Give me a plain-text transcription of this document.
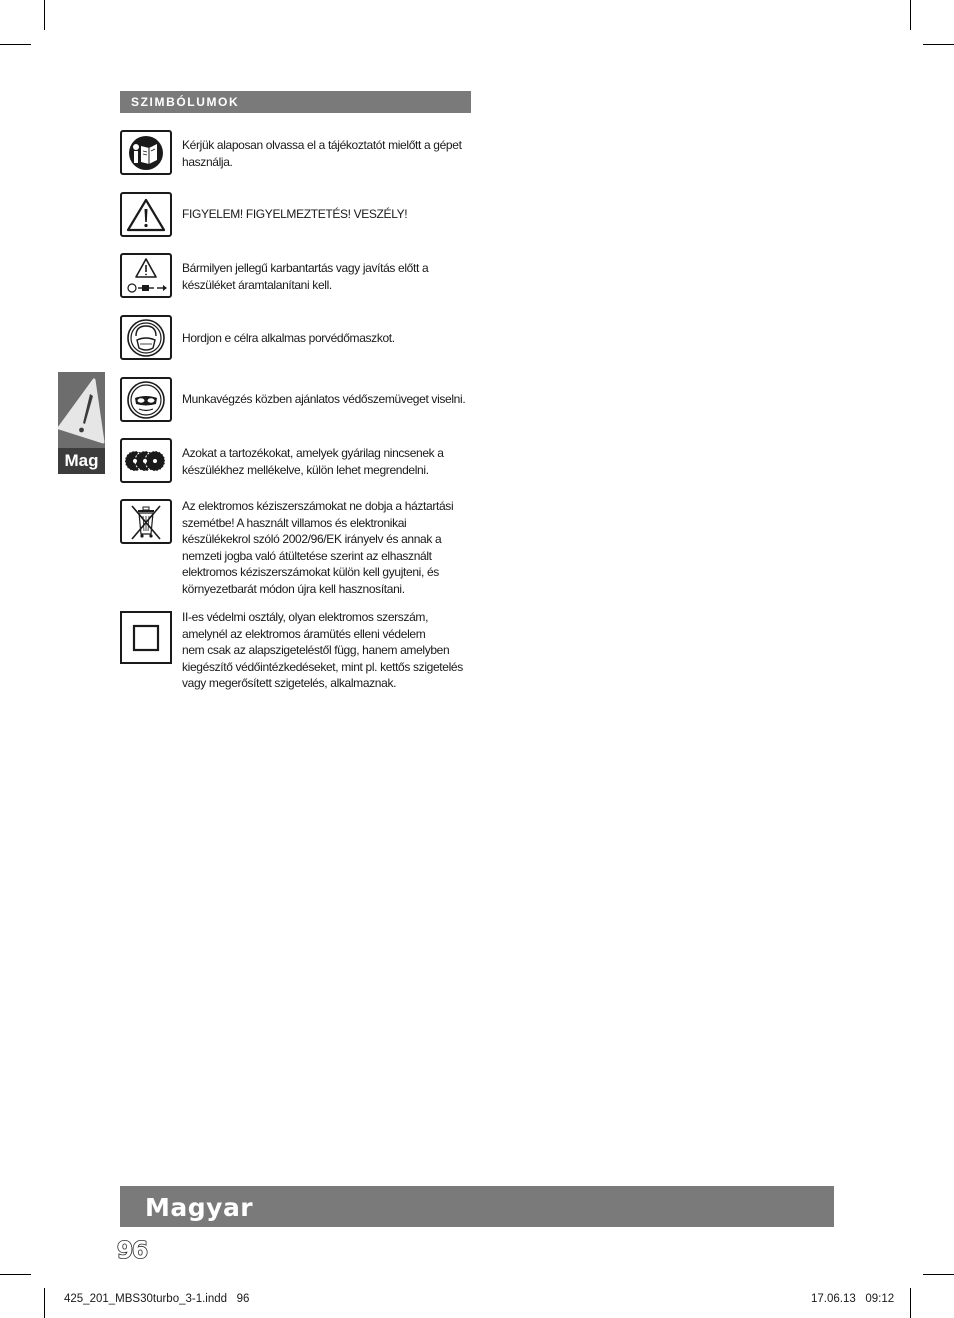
SZIMBÓLUMOK
Kérjük alaposan olvassa el a tájékoztatót mielőtt a gépet
használja.
FIGYELEM! FIGYELMEZTETÉS! VESZÉLY!
Bármilyen jellegű karbantartás vagy javítás előtt a
készüléket áramtalanítani kell.
Hordjon e célra alkalmas porvédőmaszkot.
Munkavégzés közben ajánlatos védőszemüveget viselni.
Azokat a tartozékokat, amelyek gyárilag nincsenek a
készülékhez mellékelve, külön lehet megrendelni.
Az elektromos kéziszerszámokat ne dobja a háztartási
szemétbe! A használt villamos és elektronikai
készülékekrol szóló 2002/96/EK irányelv és annak a
nemzeti jogba való átültetése szerint az elhasznált
elektromos kéziszerszámokat külön kell gyujteni, és
környezetbarát módon újra kell hasznosítani.
II-es védelmi osztály, olyan elektromos szerszám,
amelynél az elektromos áramütés elleni védelem
nem csak az alapszigeteléstől függ, hanem amelyben
kiegészítő védőintézkedéseket, mint pl. kettős szigetelés
vagy megerősített szigetelés, alkalmaznak.
Mag
Magyar
96
425_201_MBS30turbo_3-1.indd   96	17.06.13   09:12
